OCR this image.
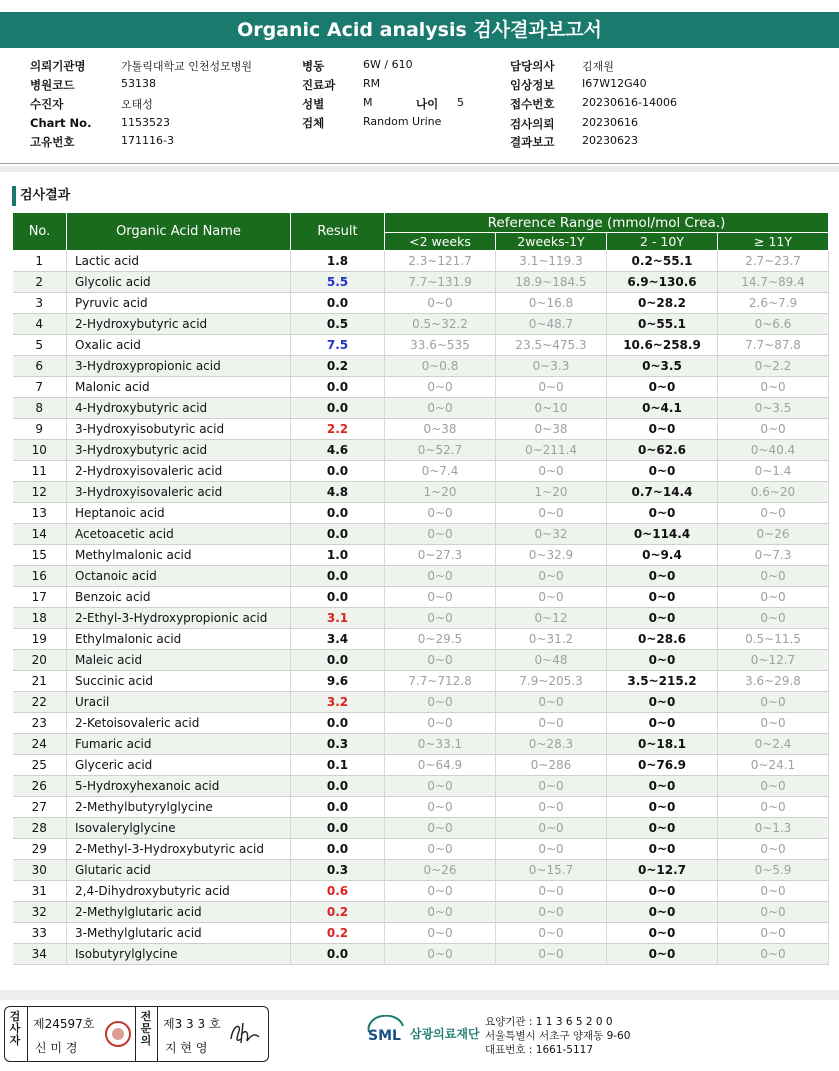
Organic Acid analysis 검사결과보고서
의뢰기관명	가톨릭대학교 인천성모병원
병원코드	53138
수진자	오태성
Chart No.	1153523
고유번호	171116-3
병동	6W / 610
진료과	RM
성별	M	나이 5
검체	Random Urine
담당의사	김재원
임상정보	I67W12G40
접수번호	20230616-14006
검사의뢰	20230616
결과보고	20230623
검사결과
No.	Organic Acid Name	Result	Reference Range (mmol/mol Crea.)			
			<2 weeks	2weeks-1Y	2 - 10Y	≥ 11Y
1	Lactic acid	1.8	2.3~121.7	3.1~119.3	0.2~55.1	2.7~23.7
2	Glycolic acid	5.5	7.7~131.9	18.9~184.5	6.9~130.6	14.7~89.4
3	Pyruvic acid	0.0	0~0	0~16.8	0~28.2	2.6~7.9
4	2-Hydroxybutyric acid	0.5	0.5~32.2	0~48.7	0~55.1	0~6.6
5	Oxalic acid	7.5	33.6~535	23.5~475.3	10.6~258.9	7.7~87.8
6	3-Hydroxypropionic acid	0.2	0~0.8	0~3.3	0~3.5	0~2.2
7	Malonic acid	0.0	0~0	0~0	0~0	0~0
8	4-Hydroxybutyric acid	0.0	0~0	0~10	0~4.1	0~3.5
9	3-Hydroxyisobutyric acid	2.2	0~38	0~38	0~0	0~0
10	3-Hydroxybutyric acid	4.6	0~52.7	0~211.4	0~62.6	0~40.4
11	2-Hydroxyisovaleric acid	0.0	0~7.4	0~0	0~0	0~1.4
12	3-Hydroxyisovaleric acid	4.8	1~20	1~20	0.7~14.4	0.6~20
13	Heptanoic acid	0.0	0~0	0~0	0~0	0~0
14	Acetoacetic acid	0.0	0~0	0~32	0~114.4	0~26
15	Methylmalonic acid	1.0	0~27.3	0~32.9	0~9.4	0~7.3
16	Octanoic acid	0.0	0~0	0~0	0~0	0~0
17	Benzoic acid	0.0	0~0	0~0	0~0	0~0
18	2-Ethyl-3-Hydroxypropionic acid	3.1	0~0	0~12	0~0	0~0
19	Ethylmalonic acid	3.4	0~29.5	0~31.2	0~28.6	0.5~11.5
20	Maleic acid	0.0	0~0	0~48	0~0	0~12.7
21	Succinic acid	9.6	7.7~712.8	7.9~205.3	3.5~215.2	3.6~29.8
22	Uracil	3.2	0~0	0~0	0~0	0~0
23	2-Ketoisovaleric acid	0.0	0~0	0~0	0~0	0~0
24	Fumaric acid	0.3	0~33.1	0~28.3	0~18.1	0~2.4
25	Glyceric acid	0.1	0~64.9	0~286	0~76.9	0~24.1
26	5-Hydroxyhexanoic acid	0.0	0~0	0~0	0~0	0~0
27	2-Methylbutyrylglycine	0.0	0~0	0~0	0~0	0~0
28	Isovalerylglycine	0.0	0~0	0~0	0~0	0~1.3
29	2-Methyl-3-Hydroxybutyric acid	0.0	0~0	0~0	0~0	0~0
30	Glutaric acid	0.3	0~26	0~15.7	0~12.7	0~5.9
31	2,4-Dihydroxybutyric acid	0.6	0~0	0~0	0~0	0~0
32	2-Methylglutaric acid	0.2	0~0	0~0	0~0	0~0
33	3-Methylglutaric acid	0.2	0~0	0~0	0~0	0~0
34	Isobutyrylglycine	0.0	0~0	0~0	0~0	0~0
검사자
제24597호
신 미 경
전문의
제3 3 3 호
지 현 영
SML 삼광의료재단
요양기관 : 1 1 3 6 5 2 0 0
서울특별시 서초구 양재동 9-60
대표번호 : 1661-5117
